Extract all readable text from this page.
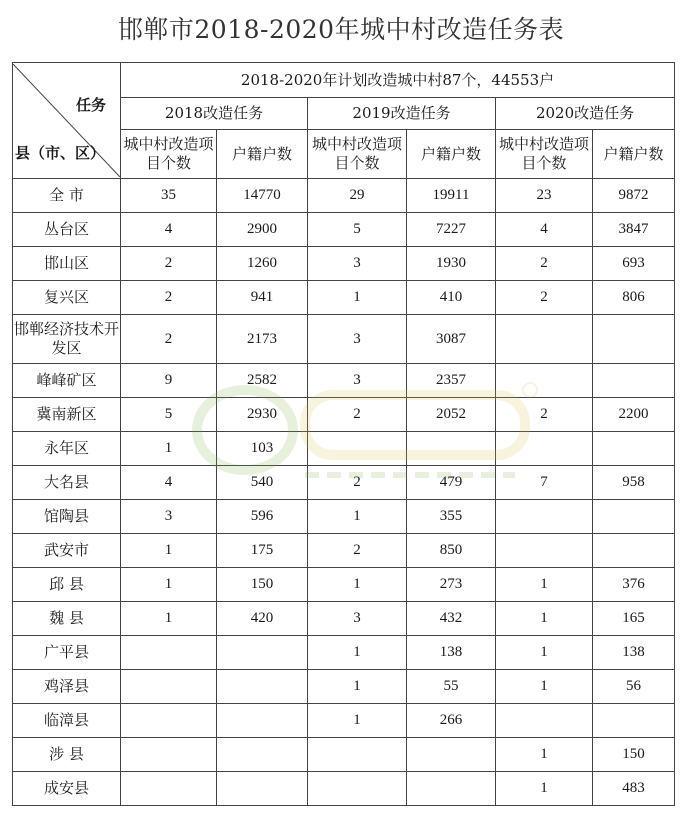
邯郸市2018-2020年城中村改造任务表
任务
县（市、区）	2018-2020年计划改造城中村87个，44553户					
	2018改造任务		2019改造任务		2020改造任务	
	城中村改造项目个数	户籍户数	城中村改造项目个数	户籍户数	城中村改造项目个数	户籍户数
全 市	35	14770	29	19911	23	9872
丛台区	4	2900	5	7227	4	3847
邯山区	2	1260	3	1930	2	693
复兴区	2	941	1	410	2	806
邯郸经济技术开发区	2	2173	3	3087		
峰峰矿区	9	2582	3	2357		
冀南新区	5	2930	2	2052	2	2200
永年区	1	103				
大名县	4	540	2	479	7	958
馆陶县	3	596	1	355		
武安市	1	175	2	850		
邱 县	1	150	1	273	1	376
魏 县	1	420	3	432	1	165
广平县			1	138	1	138
鸡泽县			1	55	1	56
临漳县			1	266		
涉 县					1	150
成安县					1	483
